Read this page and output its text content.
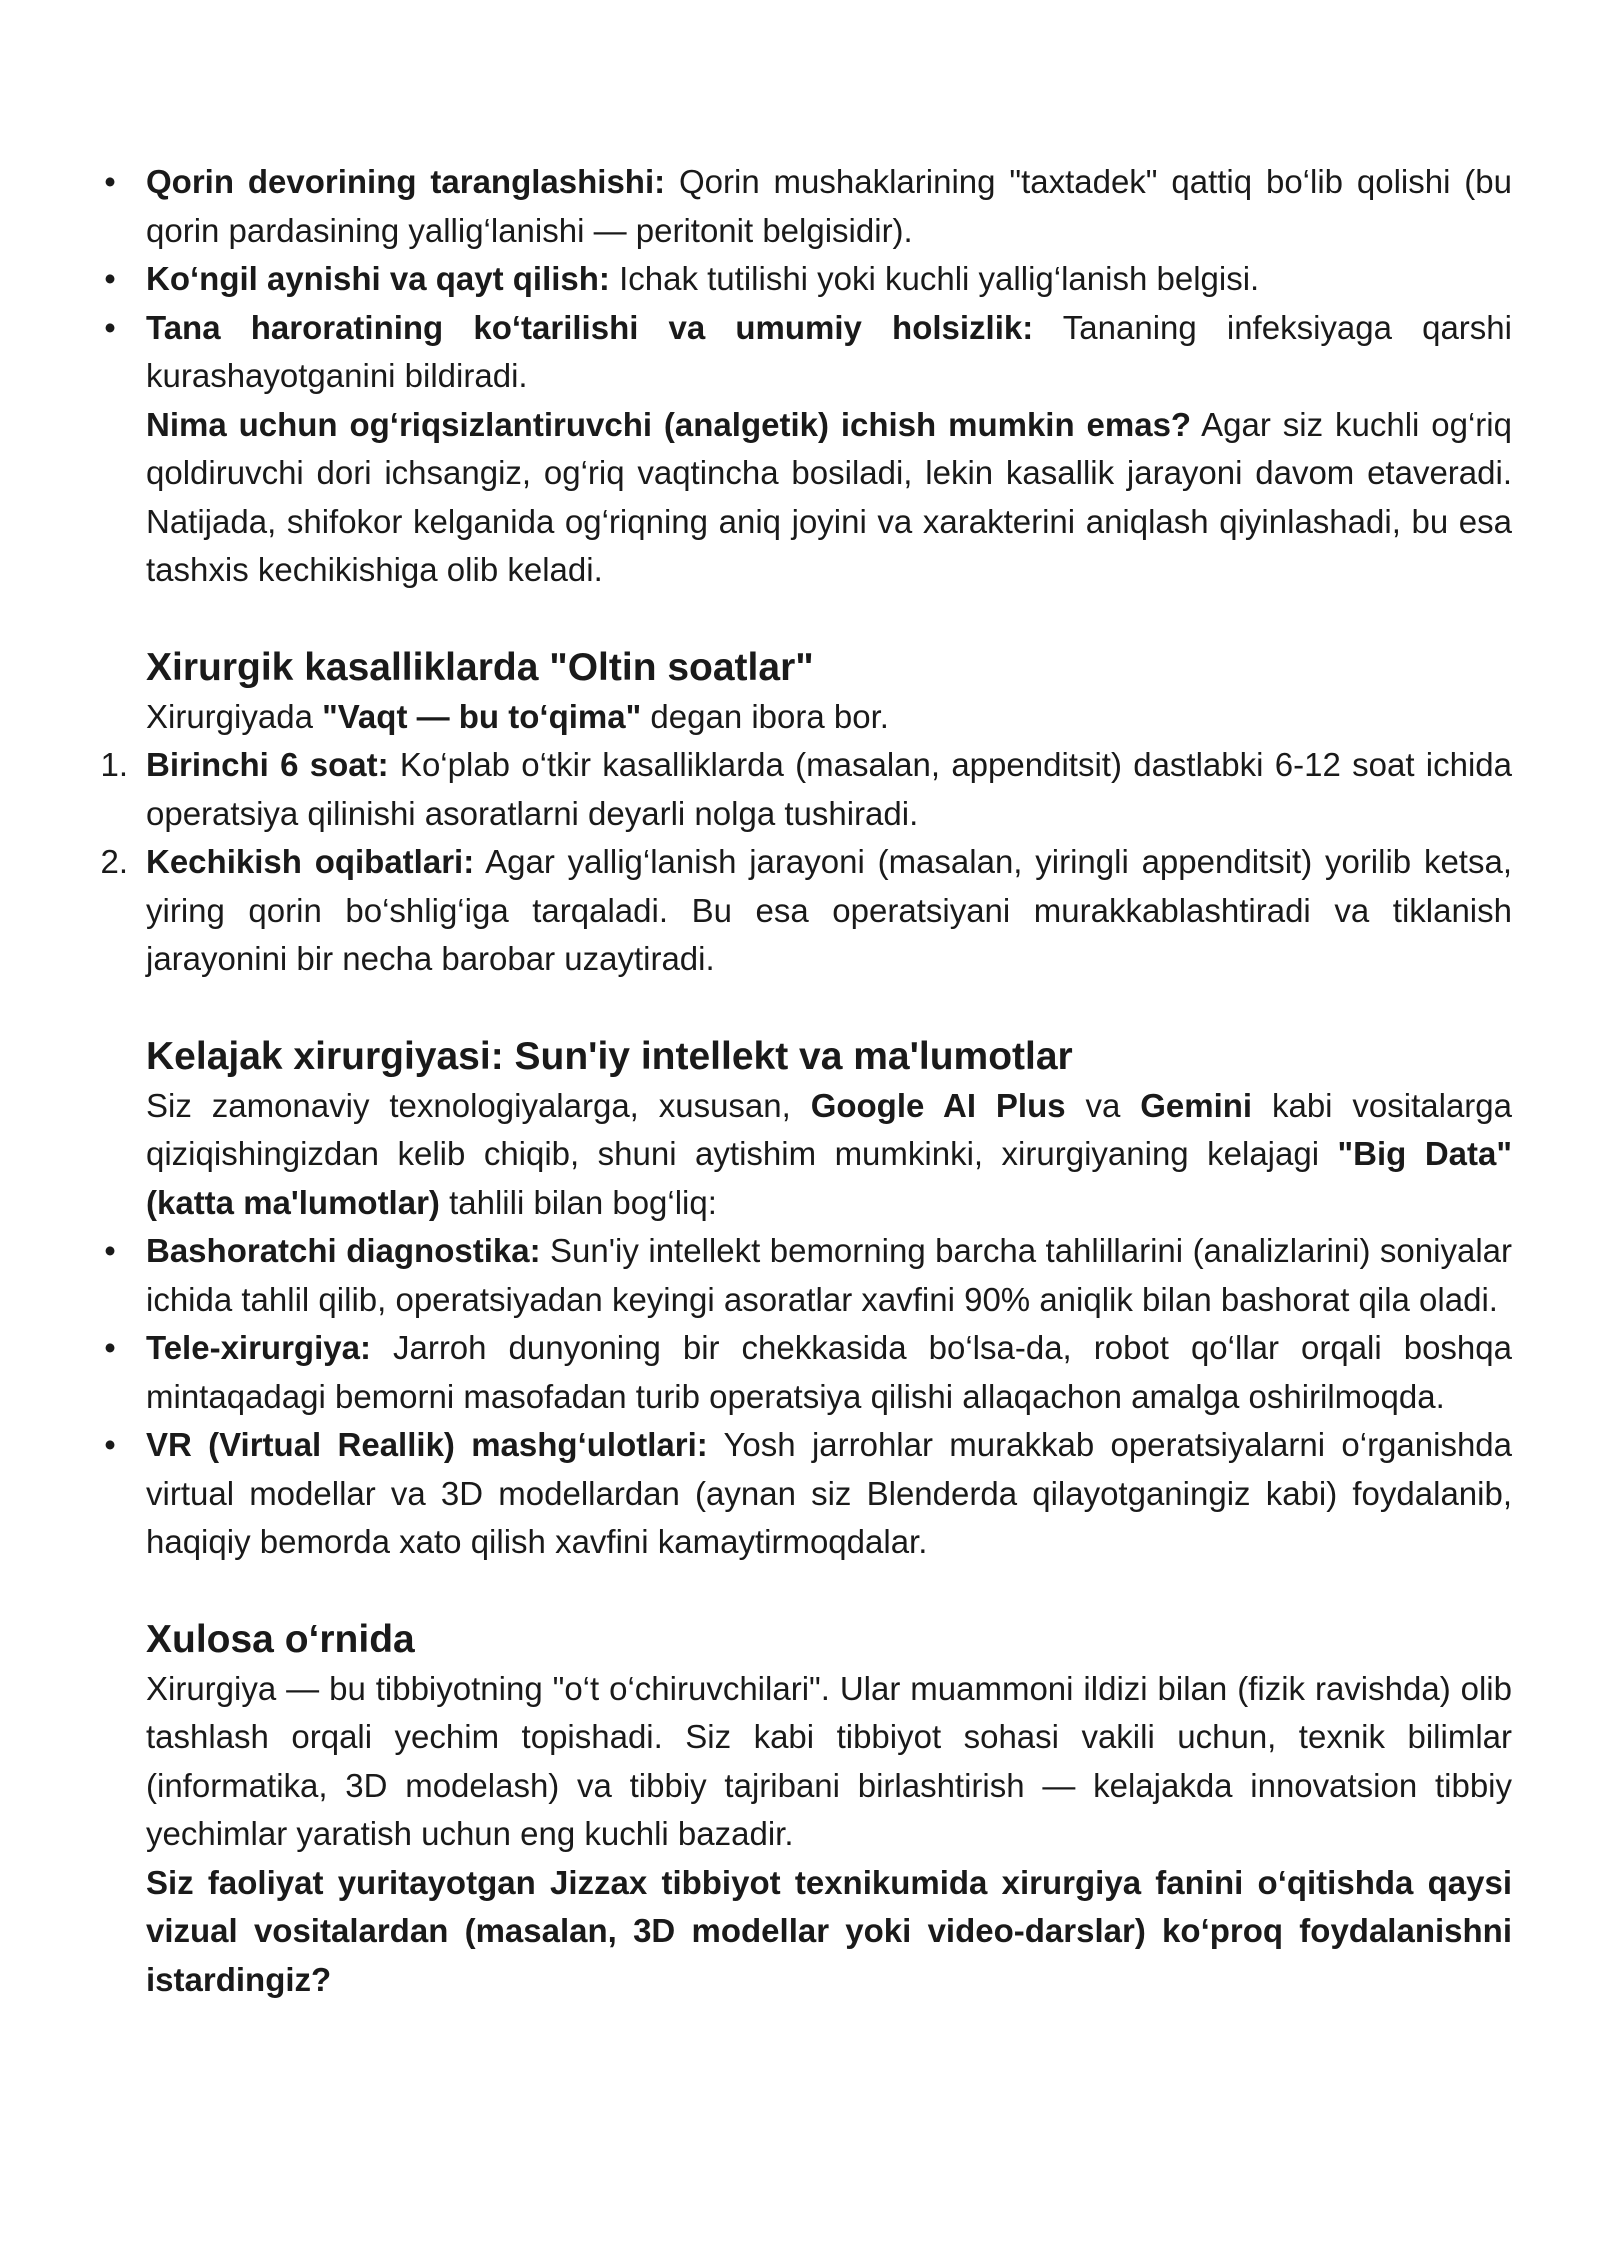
• Qorin devorining taranglashishi: Qorin mushaklarining "taxtadek" qattiq bo‘lib qolishi (bu qorin pardasining yallig‘lanishi — peritonit belgisidir).

• Ko‘ngil aynishi va qayt qilish: Ichak tutilishi yoki kuchli yallig‘lanish belgisi.

• Tana haroratining ko‘tarilishi va umumiy holsizlik: Tananing infeksiyaga qarshi kurashayotganini bildiradi.

Nima uchun og‘riqsizlantiruvchi (analgetik) ichish mumkin emas? Agar siz kuchli og‘riq qoldiruvchi dori ichsangiz, og‘riq vaqtincha bosiladi, lekin kasallik jarayoni davom etaveradi. Natijada, shifokor kelganida og‘riqning aniq joyini va xarakterini aniqlash qiyinlashadi, bu esa tashxis kechikishiga olib keladi.

Xirurgik kasalliklarda "Oltin soatlar"

Xirurgiyada "Vaqt — bu to‘qima" degan ibora bor.

1. Birinchi 6 soat: Ko‘plab o‘tkir kasalliklarda (masalan, appenditsit) dastlabki 6-12 soat ichida operatsiya qilinishi asoratlarni deyarli nolga tushiradi.

2. Kechikish oqibatlari: Agar yallig‘lanish jarayoni (masalan, yiringli appenditsit) yorilib ketsa, yiring qorin bo‘shlig‘iga tarqaladi. Bu esa operatsiyani murakkablashtiradi va tiklanish jarayonini bir necha barobar uzaytiradi.

Kelajak xirurgiyasi: Sun'iy intellekt va ma'lumotlar

Siz zamonaviy texnologiyalarga, xususan, Google AI Plus va Gemini kabi vositalarga qiziqishingizdan kelib chiqib, shuni aytishim mumkinki, xirurgiyaning kelajagi "Big Data" (katta ma'lumotlar) tahlili bilan bog‘liq:

• Bashoratchi diagnostika: Sun'iy intellekt bemorning barcha tahlillarini (analizlarini) soniyalar ichida tahlil qilib, operatsiyadan keyingi asoratlar xavfini 90% aniqlik bilan bashorat qila oladi.

• Tele-xirurgiya: Jarroh dunyoning bir chekkasida bo‘lsa-da, robot qo‘llar orqali boshqa mintaqadagi bemorni masofadan turib operatsiya qilishi allaqachon amalga oshirilmoqda.

• VR (Virtual Reallik) mashg‘ulotlari: Yosh jarrohlar murakkab operatsiyalarni o‘rganishda virtual modellar va 3D modellardan (aynan siz Blenderda qilayotganingiz kabi) foydalanib, haqiqiy bemorda xato qilish xavfini kamaytirmoqdalar.

Xulosa o‘rnida

Xirurgiya — bu tibbiyotning "o‘t o‘chiruvchilari". Ular muammoni ildizi bilan (fizik ravishda) olib tashlash orqali yechim topishadi. Siz kabi tibbiyot sohasi vakili uchun, texnik bilimlar (informatika, 3D modelash) va tibbiy tajribani birlashtirish — kelajakda innovatsion tibbiy yechimlar yaratish uchun eng kuchli bazadir.

Siz faoliyat yuritayotgan Jizzax tibbiyot texnikumida xirurgiya fanini o‘qitishda qaysi vizual vositalardan (masalan, 3D modellar yoki video-darslar) ko‘proq foydalanishni istardingiz?
